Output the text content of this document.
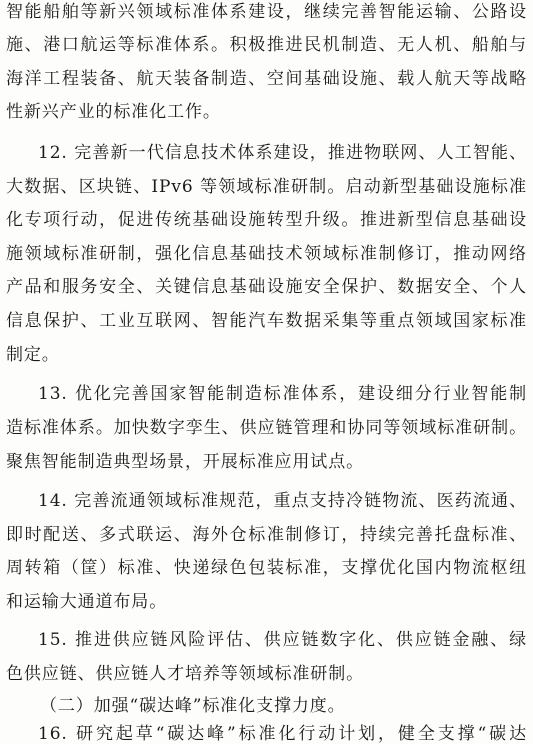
智能船舶等新兴领域标准体系建设，继续完善智能运输、公路设
施、港口航运等标准体系。积极推进民机制造、无人机、船舶与
海洋工程装备、航天装备制造、空间基础设施、载人航天等战略
性新兴产业的标准化工作。
12. 完善新一代信息技术体系建设，推进物联网、人工智能、
大数据、区块链、IPv6 等领域标准研制。启动新型基础设施标准
化专项行动，促进传统基础设施转型升级。推进新型信息基础设
施领域标准研制，强化信息基础技术领域标准制修订，推动网络
产品和服务安全、关键信息基础设施安全保护、数据安全、个人
信息保护、工业互联网、智能汽车数据采集等重点领域国家标准
制定。
13. 优化完善国家智能制造标准体系，建设细分行业智能制
造标准体系。加快数字孪生、供应链管理和协同等领域标准研制。
聚焦智能制造典型场景，开展标准应用试点。
14. 完善流通领域标准规范，重点支持冷链物流、医药流通、
即时配送、多式联运、海外仓标准制修订，持续完善托盘标准、
周转箱（筐）标准、快递绿色包装标准，支撑优化国内物流枢纽
和运输大通道布局。
15. 推进供应链风险评估、供应链数字化、供应链金融、绿
色供应链、供应链人才培养等领域标准研制。
（二）加强“碳达峰”标准化支撑力度。
16. 研究起草“碳达峰”标准化行动计划，健全支撑“碳达
